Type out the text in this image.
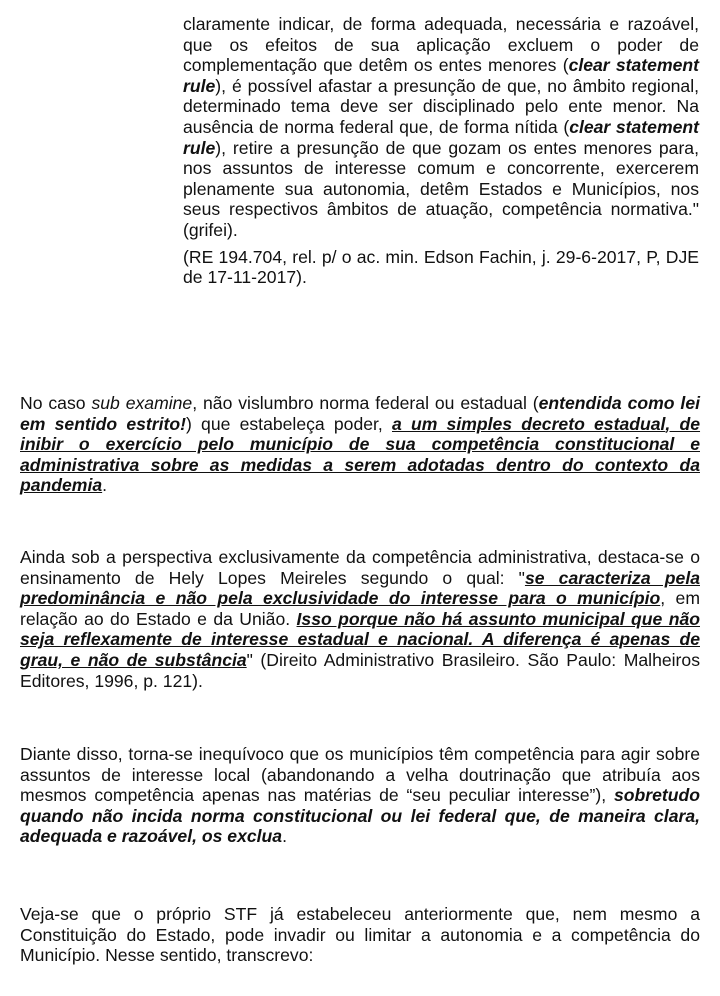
claramente indicar, de forma adequada, necessária e razoável, que os efeitos de sua aplicação excluem o poder de complementação que detêm os entes menores (clear statement rule), é possível afastar a presunção de que, no âmbito regional, determinado tema deve ser disciplinado pelo ente menor. Na ausência de norma federal que, de forma nítida (clear statement rule), retire a presunção de que gozam os entes menores para, nos assuntos de interesse comum e concorrente, exercerem plenamente sua autonomia, detêm Estados e Municípios, nos seus respectivos âmbitos de atuação, competência normativa." (grifei).

(RE 194.704, rel. p/ o ac. min. Edson Fachin, j. 29-6-2017, P, DJE de 17-11-2017).

No caso sub examine, não vislumbro norma federal ou estadual (entendida como lei em sentido estrito!) que estabeleça poder, a um simples decreto estadual, de inibir o exercício pelo município de sua competência constitucional e administrativa sobre as medidas a serem adotadas dentro do contexto da pandemia.

Ainda sob a perspectiva exclusivamente da competência administrativa, destaca-se o ensinamento de Hely Lopes Meireles segundo o qual: "se caracteriza pela predominância e não pela exclusividade do interesse para o município, em relação ao do Estado e da União. Isso porque não há assunto municipal que não seja reflexamente de interesse estadual e nacional. A diferença é apenas de grau, e não de substância" (Direito Administrativo Brasileiro. São Paulo: Malheiros Editores, 1996, p. 121).

Diante disso, torna-se inequívoco que os municípios têm competência para agir sobre assuntos de interesse local (abandonando a velha doutrinação que atribuía aos mesmos competência apenas nas matérias de “seu peculiar interesse”), sobretudo quando não incida norma constitucional ou lei federal que, de maneira clara, adequada e razoável, os exclua.

Veja-se que o próprio STF já estabeleceu anteriormente que, nem mesmo a Constituição do Estado, pode invadir ou limitar a autonomia e a competência do Município. Nesse sentido, transcrevo:
